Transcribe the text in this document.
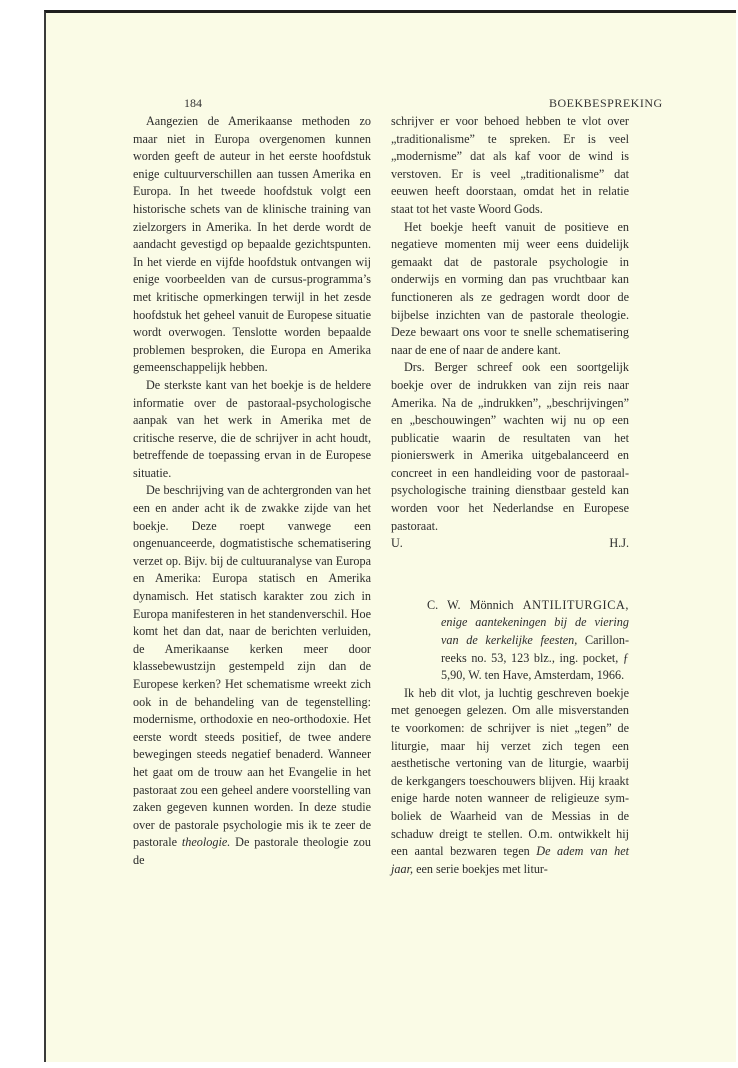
184	BOEKBESPREKING

Aangezien de Amerikaanse methoden zo maar niet in Europa overgenomen kunnen worden geeft de auteur in het eerste hoofdstuk enige cultuurverschillen aan tussen Amerika en Europa. In het tweede hoofdstuk volgt een historische schets van de klinische training van zielzorgers in Amerika. In het derde wordt de aandacht gevestigd op bepaalde gezichtspunten. In het vierde en vijfde hoofdstuk ontvangen wij enige voorbeelden van de cursus-programma’s met kritische opmerkingen terwijl in het zesde hoofdstuk het geheel vanuit de Europese situatie wordt overwogen. Tenslotte worden bepaalde problemen besproken, die Europa en Amerika gemeenschappelijk hebben.

De sterkste kant van het boekje is de heldere informatie over de pastoraal-psychologische aanpak van het werk in Amerika met de critische reserve, die de schrijver in acht houdt, betreffende de toepassing ervan in de Europese situatie.

De beschrijving van de achtergronden van het een en ander acht ik de zwakke zijde van het boekje. Deze roept vanwege een ongenuanceerde, dogmatistische schematisering verzet op. Bijv. bij de cultuuranalyse van Europa en Amerika: Europa statisch en Amerika dynamisch. Het statisch karakter zou zich in Europa manifesteren in het standenverschil. Hoe komt het dan dat, naar de berichten verluiden, de Amerikaanse kerken meer door klassebewustzijn gestempeld zijn dan de Europese kerken? Het schematisme wreekt zich ook in de behandeling van de tegenstelling: modernisme, orthodoxie en neo-orthodoxie. Het eerste wordt steeds positief, de twee andere bewegingen steeds negatief benaderd. Wanneer het gaat om de trouw aan het Evangelie in het pastoraat zou een geheel andere voorstelling van zaken gegeven kunnen worden. In deze studie over de pastorale psychologie mis ik te zeer de pastorale theologie. De pastorale theologie zou de

schrijver er voor behoed hebben te vlot over „traditionalisme” te spreken. Er is veel „modernisme” dat als kaf voor de wind is verstoven. Er is veel „traditionalisme” dat eeuwen heeft doorstaan, omdat het in relatie staat tot het vaste Woord Gods.

Het boekje heeft vanuit de positieve en negatieve momenten mij weer eens duidelijk gemaakt dat de pastorale psychologie in onderwijs en vorming dan pas vruchtbaar kan functioneren als ze gedragen wordt door de bijbelse inzichten van de pastorale theologie. Deze bewaart ons voor te snelle schematisering naar de ene of naar de andere kant.

Drs. Berger schreef ook een soortgelijk boekje over de indrukken van zijn reis naar Amerika. Na de „indrukken”, „beschrijvingen” en „beschouwingen” wachten wij nu op een publicatie waarin de resultaten van het pionierswerk in Amerika uitgebalanceerd en concreet in een handleiding voor de pastoraal-psychologische training dienstbaar gesteld kan worden voor het Nederlandse en Europese pastoraat.

U.	H.J.
C. W. Mönnich ANTILITURGICA, enige aantekeningen bij de viering van de kerkelijke feesten, Carillon-reeks no. 53, 123 blz., ing. pocket, ƒ 5,90, W. ten Have, Amsterdam, 1966.

Ik heb dit vlot, ja luchtig geschreven boekje met genoegen gelezen. Om alle misverstanden te voorkomen: de schrijver is niet „tegen” de liturgie, maar hij verzet zich tegen een aesthetische vertoning van de liturgie, waarbij de kerkgangers toeschouwers blijven. Hij kraakt enige harde noten wanneer de religieuze symboliek de Waarheid van de Messias in de schaduw dreigt te stellen. O.m. ontwikkelt hij een aantal bezwaren tegen De adem van het jaar, een serie boekjes met litur-
